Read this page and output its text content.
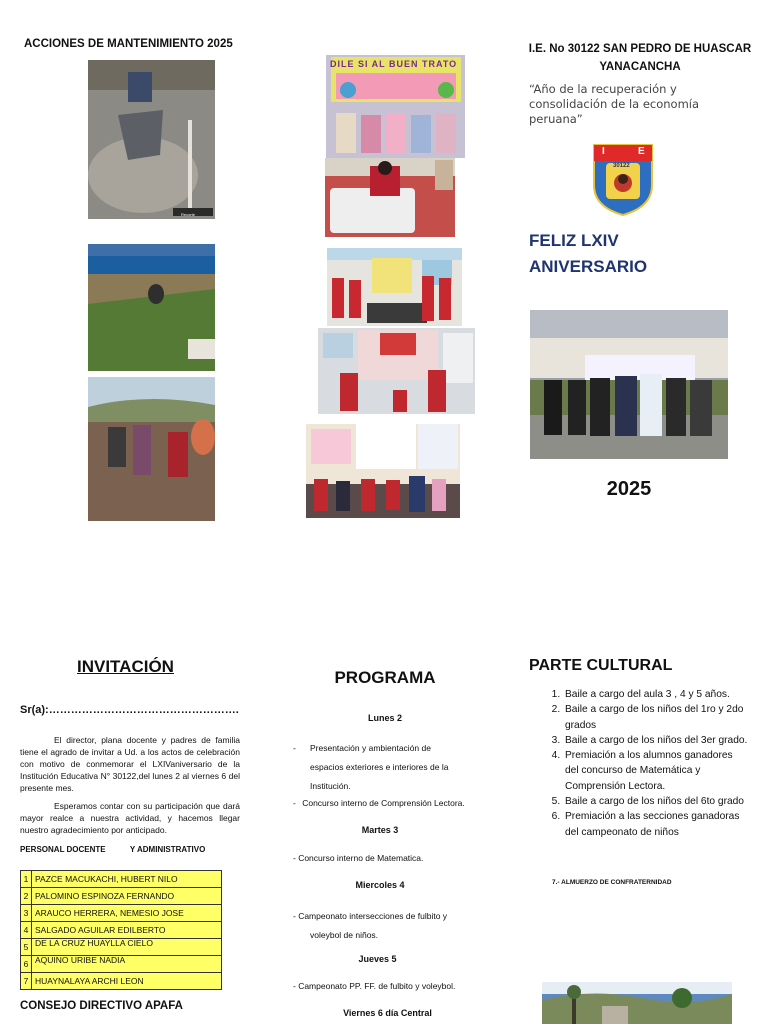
ACCIONES DE MANTENIMIENTO 2025
Recorte
DILE SI AL BUEN TRATO
I.E. No 30122 SAN PEDRO DE HUASCAR
YANACANCHA
“Año de la recuperación y consolidación de la economía peruana”
I	E
30122
FELIZ LXIV
ANIVERSARIO
2025
INVITACIÓN
Sr(a):…………………………………………….
El director, plana docente y padres de familia tiene el agrado de invitar a Ud. a los actos de celebración con motivo de conmemorar el LXIVaniversario de la Institución Educativa N° 30122,del lunes 2 al viernes 6 del presente mes.
Esperamos contar con su participación que dará mayor realce a nuestra actividad, y hacemos llegar nuestro agradecimiento por anticipado.
PERSONAL DOCENTE	Y ADMINISTRATIVO
1	PAZCE MACUKACHI, HUBERT NILO
2	PALOMINO ESPINOZA FERNANDO
3	ARAUCO HERRERA, NEMESIO JOSE
4	SALGADO AGUILAR EDILBERTO
5	DE LA CRUZ HUAYLLA CIELO
6	AQUINO URIBE NADIA
7	HUAYNALAYA ARCHI LEON
CONSEJO DIRECTIVO APAFA
PROGRAMA
Lunes 2
-	Presentación y ambientación de
espacios exteriores e interiores de la
Institución.
- Concurso interno de Comprensión Lectora.
Martes 3
- Concurso interno de Matematica.
Miercoles 4
- Campeonato intersecciones de fulbito y
voleybol de niños.
Jueves 5
- Campeonato PP. FF. de fulbito y voleybol.
Viernes 6 día Central
PARTE CULTURAL
1. Baile a cargo del aula 3 , 4 y 5 años.
2. Baile a cargo de los niños del 1ro y 2do grados
3. Baile a cargo de los niños del 3er grado.
4. Premiación a los alumnos ganadores del concurso de Matemática y Comprensión Lectora.
5. Baile a cargo de los niños del 6to grado
6. Premiación a las secciones ganadoras del campeonato de niños
7.- ALMUERZO DE CONFRATERNIDAD
